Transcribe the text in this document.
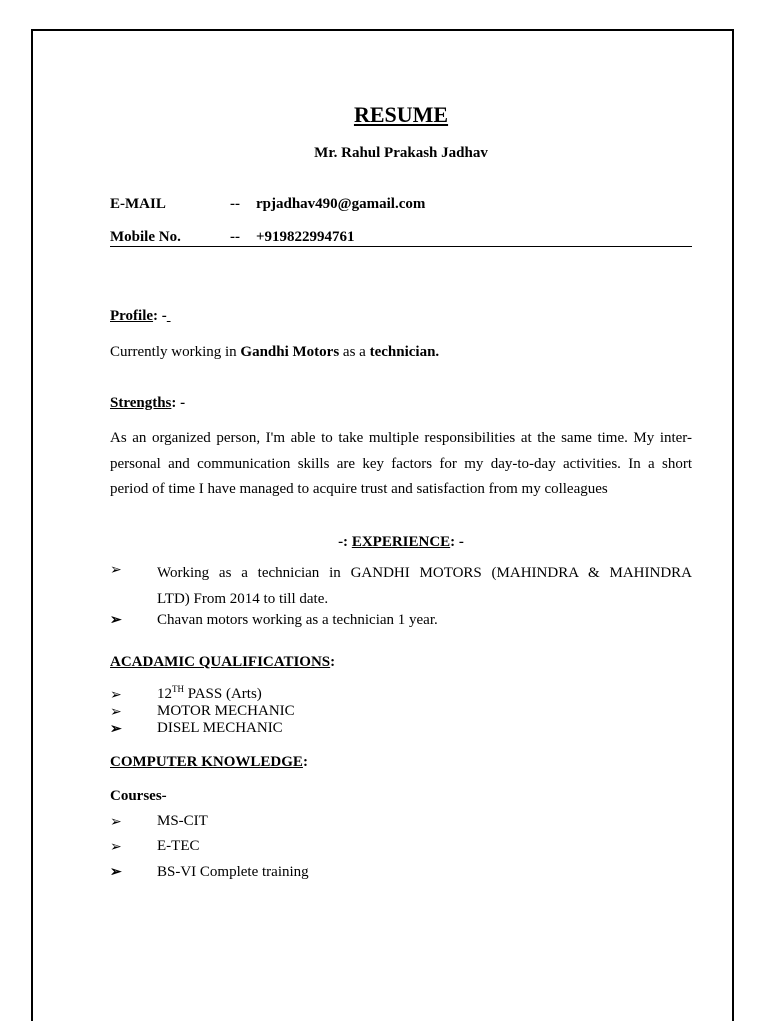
RESUME
Mr. Rahul Prakash Jadhav
E-MAIL	-- rpjadhav490@gamail.com
Mobile No.	-- +919822994761
Profile: -
Currently working in Gandhi Motors as a technician.
Strengths: -
As an organized person, I'm able to take multiple responsibilities at the same time. My inter-
personal and communication skills are key factors for my day-to-day activities. In a short
period of time I have managed to acquire trust and satisfaction from my colleagues
-: EXPERIENCE: -
➢ Working as a technician in GANDHI MOTORS (MAHINDRA & MAHINDRA
LTD) From 2014 to till date.
➢ Chavan motors working as a technician 1 year.
ACADAMIC QUALIFICATIONS:
➢ 12TH PASS (Arts)
➢ MOTOR MECHANIC
➢ DISEL MECHANIC
COMPUTER KNOWLEDGE:
Courses-
➢ MS-CIT
➢ E-TEC
➢ BS-VI Complete training
